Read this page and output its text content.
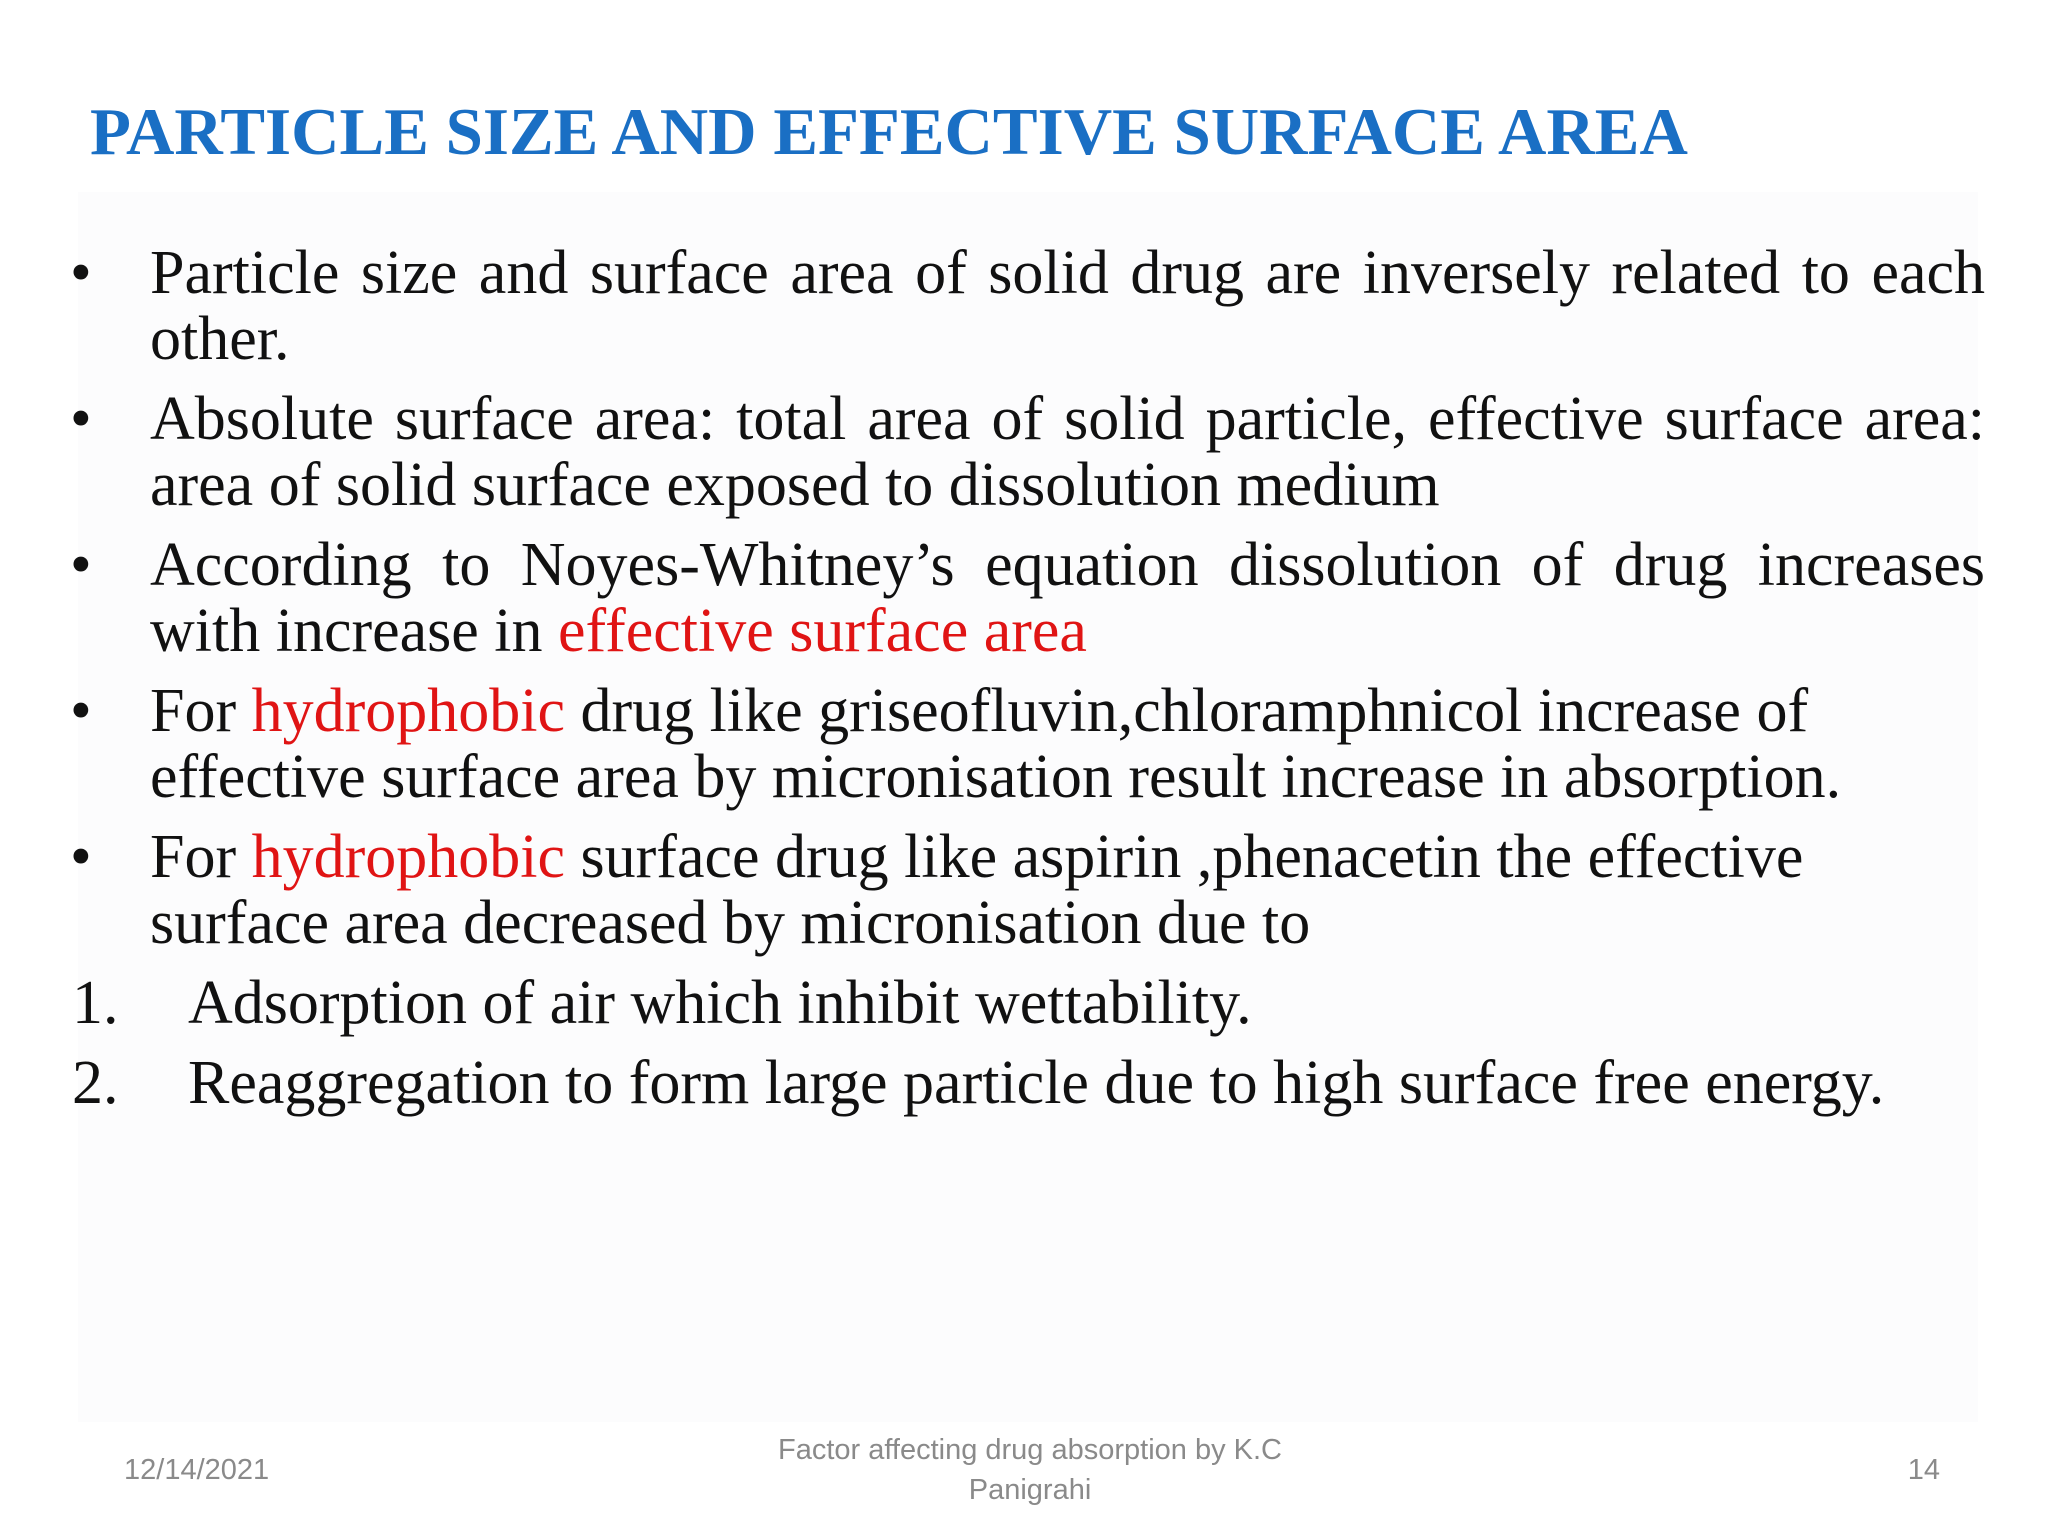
PARTICLE SIZE AND EFFECTIVE SURFACE AREA
• Particle size and surface area of solid drug are inversely related to each other.
• Absolute surface area: total area of solid particle, effective surface area: area of solid surface exposed to dissolution medium
• According to Noyes-Whitney’s equation dissolution of drug increases with increase in effective surface area
• For hydrophobic drug like griseofluvin,chloramphnicol increase of effective surface area by micronisation result increase in absorption.
• For hydrophobic surface drug like aspirin ,phenacetin the effective surface area decreased by micronisation due to
1. Adsorption of air which inhibit wettability.
2. Reaggregation to form large particle due to high surface free energy.
12/14/2021
Factor affecting drug absorption by K.C
Panigrahi
14
